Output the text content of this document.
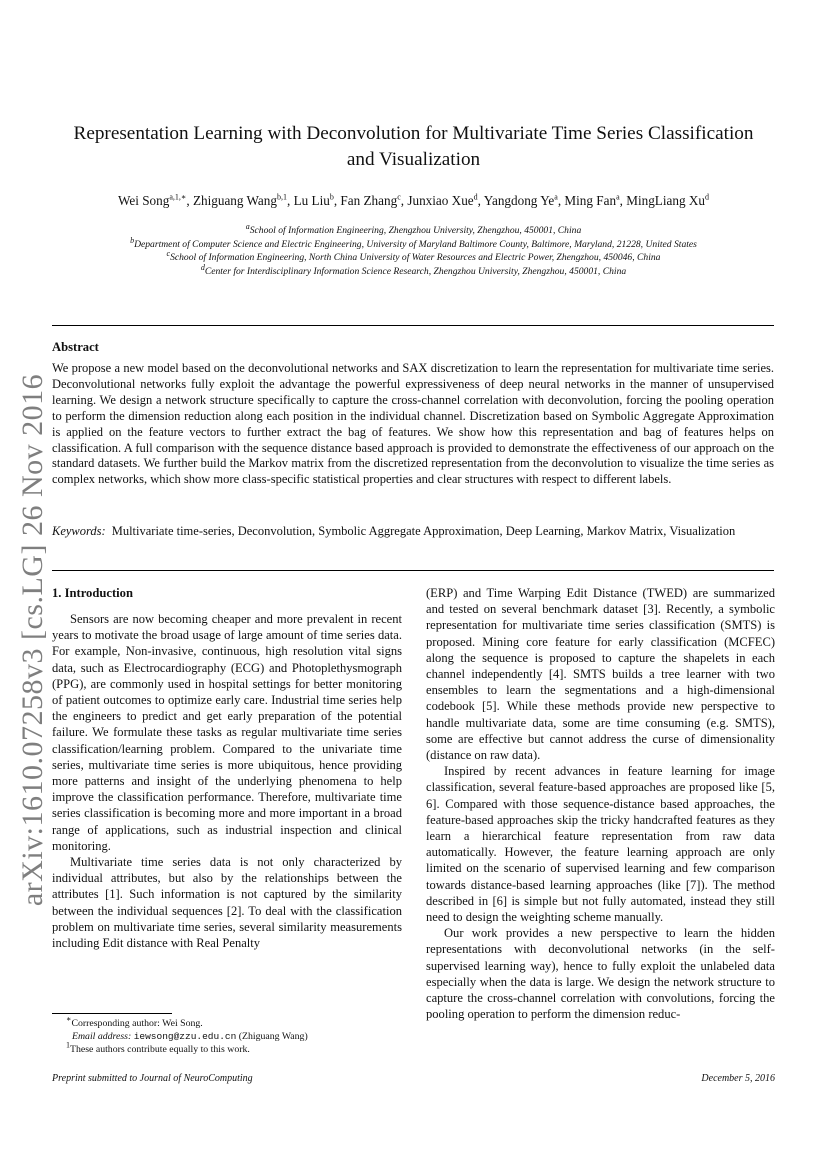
arXiv:1610.07258v3 [cs.LG] 26 Nov 2016
Representation Learning with Deconvolution for Multivariate Time Series Classification
and Visualization
Wei Song$^{a,1,∗}$, Zhiguang Wang$^{b,1}$, Lu Liu$^b$, Fan Zhang$^c$, Junxiao Xue$^d$, Yangdong Ye$^a$, Ming Fan$^a$, MingLiang Xu$^d$
$^a$School of Information Engineering, Zhengzhou University, Zhengzhou, 450001, China
$^b$Department of Computer Science and Electric Engineering, University of Maryland Baltimore County, Baltimore, Maryland, 21228, United States
$^c$School of Information Engineering, North China University of Water Resources and Electric Power, Zhengzhou, 450046, China
$^d$Center for Interdisciplinary Information Science Research, Zhengzhou University, Zhengzhou, 450001, China
Abstract
We propose a new model based on the deconvolutional networks and SAX discretization to learn the representation for multivariate time series. Deconvolutional networks fully exploit the advantage the powerful expressiveness of deep neural networks in the manner of unsupervised learning. We design a network structure specifically to capture the cross-channel correlation with deconvolution, forcing the pooling operation to perform the dimension reduction along each position in the individual channel. Discretization based on Symbolic Aggregate Approximation is applied on the feature vectors to further extract the bag of features. We show how this representation and bag of features helps on classification. A full comparison with the sequence distance based approach is provided to demonstrate the effectiveness of our approach on the standard datasets. We further build the Markov matrix from the discretized representation from the deconvolution to visualize the time series as complex networks, which show more class-specific statistical properties and clear structures with respect to different labels.
Keywords: Multivariate time-series, Deconvolution, Symbolic Aggregate Approximation, Deep Learning, Markov Matrix, Visualization
1. Introduction

Sensors are now becoming cheaper and more prevalent in recent years to motivate the broad usage of large amount of time series data. For example, Non-invasive, continuous, high resolution vital signs data, such as Electrocardiography (ECG) and Photoplethysmograph (PPG), are commonly used in hospital settings for better monitoring of patient outcomes to optimize early care. Industrial time series help the engineers to predict and get early preparation of the potential failure. We formulate these tasks as regular multivariate time series classification/learning problem. Compared to the univariate time series, multivariate time series is more ubiquitous, hence providing more patterns and insight of the underlying phenomena to help improve the classification performance. Therefore, multivariate time series classification is becoming more and more important in a broad range of applications, such as industrial inspection and clinical monitoring.

Multivariate time series data is not only characterized by individual attributes, but also by the relationships between the attributes [1]. Such information is not captured by the similarity between the individual sequences [2]. To deal with the classification problem on multivariate time series, several similarity measurements including Edit distance with Real Penalty

(ERP) and Time Warping Edit Distance (TWED) are summarized and tested on several benchmark dataset [3]. Recently, a symbolic representation for multivariate time series classification (SMTS) is proposed. Mining core feature for early classification (MCFEC) along the sequence is proposed to capture the shapelets in each channel independently [4]. SMTS builds a tree learner with two ensembles to learn the segmentations and a high-dimensional codebook [5]. While these methods provide new perspective to handle multivariate data, some are time consuming (e.g. SMTS), some are effective but cannot address the curse of dimensionality (distance on raw data).

Inspired by recent advances in feature learning for image classification, several feature-based approaches are proposed like [5, 6]. Compared with those sequence-distance based approaches, the feature-based approaches skip the tricky handcrafted features as they learn a hierarchical feature representation from raw data automatically. However, the feature learning approach are only limited on the scenario of supervised learning and few comparison towards distance-based learning approaches (like [7]). The method described in [6] is simple but not fully automated, instead they still need to design the weighting scheme manually.

Our work provides a new perspective to learn the hidden representations with deconvolutional networks (in the self-supervised learning way), hence to fully exploit the unlabeled data especially when the data is large. We design the network structure to capture the cross-channel correlation with convolutions, forcing the pooling operation to perform the dimension reduc-

∗Corresponding author: Wei Song.
Email address: iewsong@zzu.edu.cn (Zhiguang Wang)
$^1$These authors contribute equally to this work.
Preprint submitted to Journal of NeuroComputing	December 5, 2016
